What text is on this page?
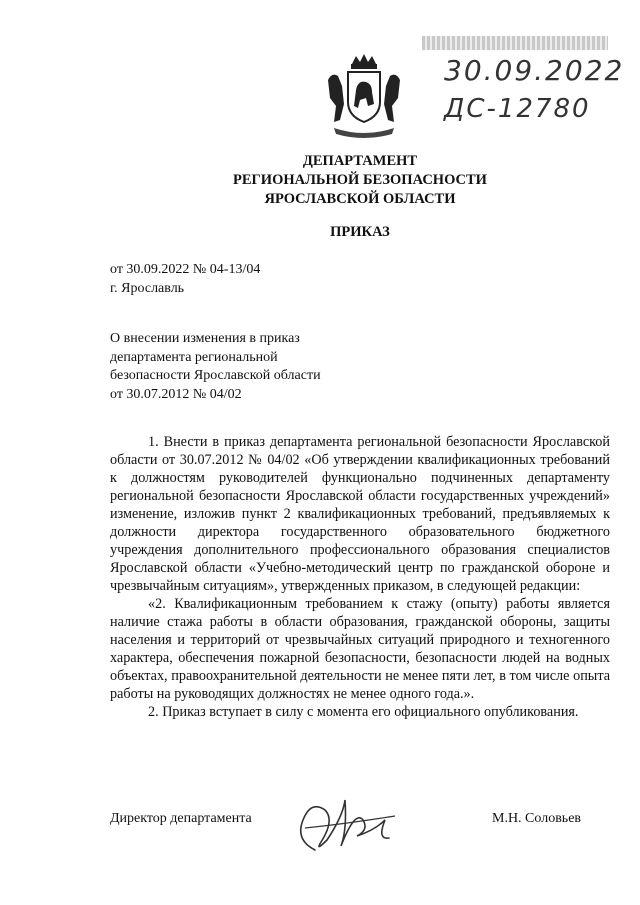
30.09.2022
ДС-12780
ДЕПАРТАМЕНТ
РЕГИОНАЛЬНОЙ БЕЗОПАСНОСТИ
ЯРОСЛАВСКОЙ ОБЛАСТИ
ПРИКАЗ
от 30.09.2022 № 04-13/04
г. Ярославль
О внесении изменения в приказ
департамента региональной
безопасности Ярославской области
от 30.07.2012 № 04/02

1. Внести в приказ департамента региональной безопасности Ярославской области от 30.07.2012 № 04/02 «Об утверждении квалификационных требований к должностям руководителей функционально подчиненных департаменту региональной безопасности Ярославской области государственных учреждений» изменение, изложив пункт 2 квалификационных требований, предъявляемых к должности директора государственного образовательного бюджетного учреждения дополнительного профессионального образования специалистов Ярославской области «Учебно-методический центр по гражданской обороне и чрезвычайным ситуациям», утвержденных приказом, в следующей редакции:

«2. Квалификационным требованием к стажу (опыту) работы является наличие стажа работы в области образования, гражданской обороны, защиты населения и территорий от чрезвычайных ситуаций природного и техногенного характера, обеспечения пожарной безопасности, безопасности людей на водных объектах, правоохранительной деятельности не менее пяти лет, в том числе опыта работы на руководящих должностях не менее одного года.».

2. Приказ вступает в силу с момента его официального опубликования.

Директор департамента	М.Н. Соловьев
